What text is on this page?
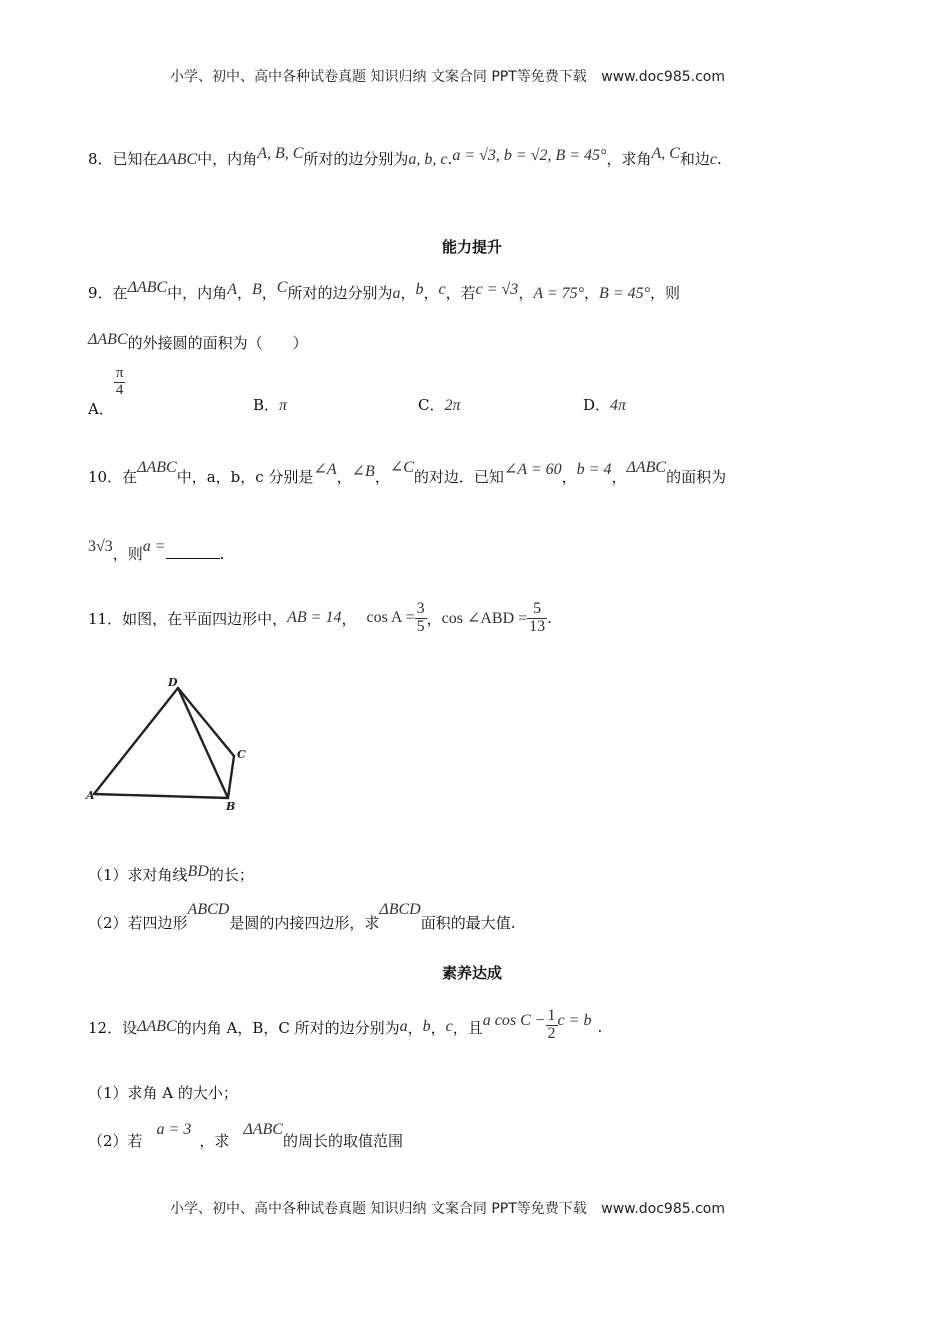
小学、初中、高中各种试卷真题 知识归纳 文案合同 PPT等免费下载 www.doc985.com
8．已知在ΔABC中，内角A, B, C所对的边分别为a, b, c.a = √3, b = √2, B = 45°，求角A, C和边c.
能力提升
9．在ΔABC中，内角A，B，C所对的边分别为a，b，c，若c = √3，A = 75°，B = 45°，则
ΔABC的外接圆的面积为（　　）
A．
$\frac{\pi}{4}$
B．π	C．2π	D．4π
10．在ΔABC中，a，b，c 分别是∠A，∠B，∠C的对边．已知∠A = 60，b = 4，ΔABC的面积为
3√3，则a =	.
11． 如图，在平面四边形中， AB = 14 ， $\cos A = \frac{3}{5}$ ， cos ∠ABD = $\frac{5}{13}$ .
D
C
A
B
（1）求对角线BD的长；
（2）若四边形ABCD是圆的内接四边形，求ΔBCD面积的最大值.
素养达成
12． 设 ΔABC 的内角 A，B，C 所对的边分别为 a ， b ， c ，且 a $\cos C - \frac{1}{2}$ c = b .
（1）求角 A 的大小；
（2）若a = 3，求ΔABC的周长的取值范围
小学、初中、高中各种试卷真题 知识归纳 文案合同 PPT等免费下载 www.doc985.com
